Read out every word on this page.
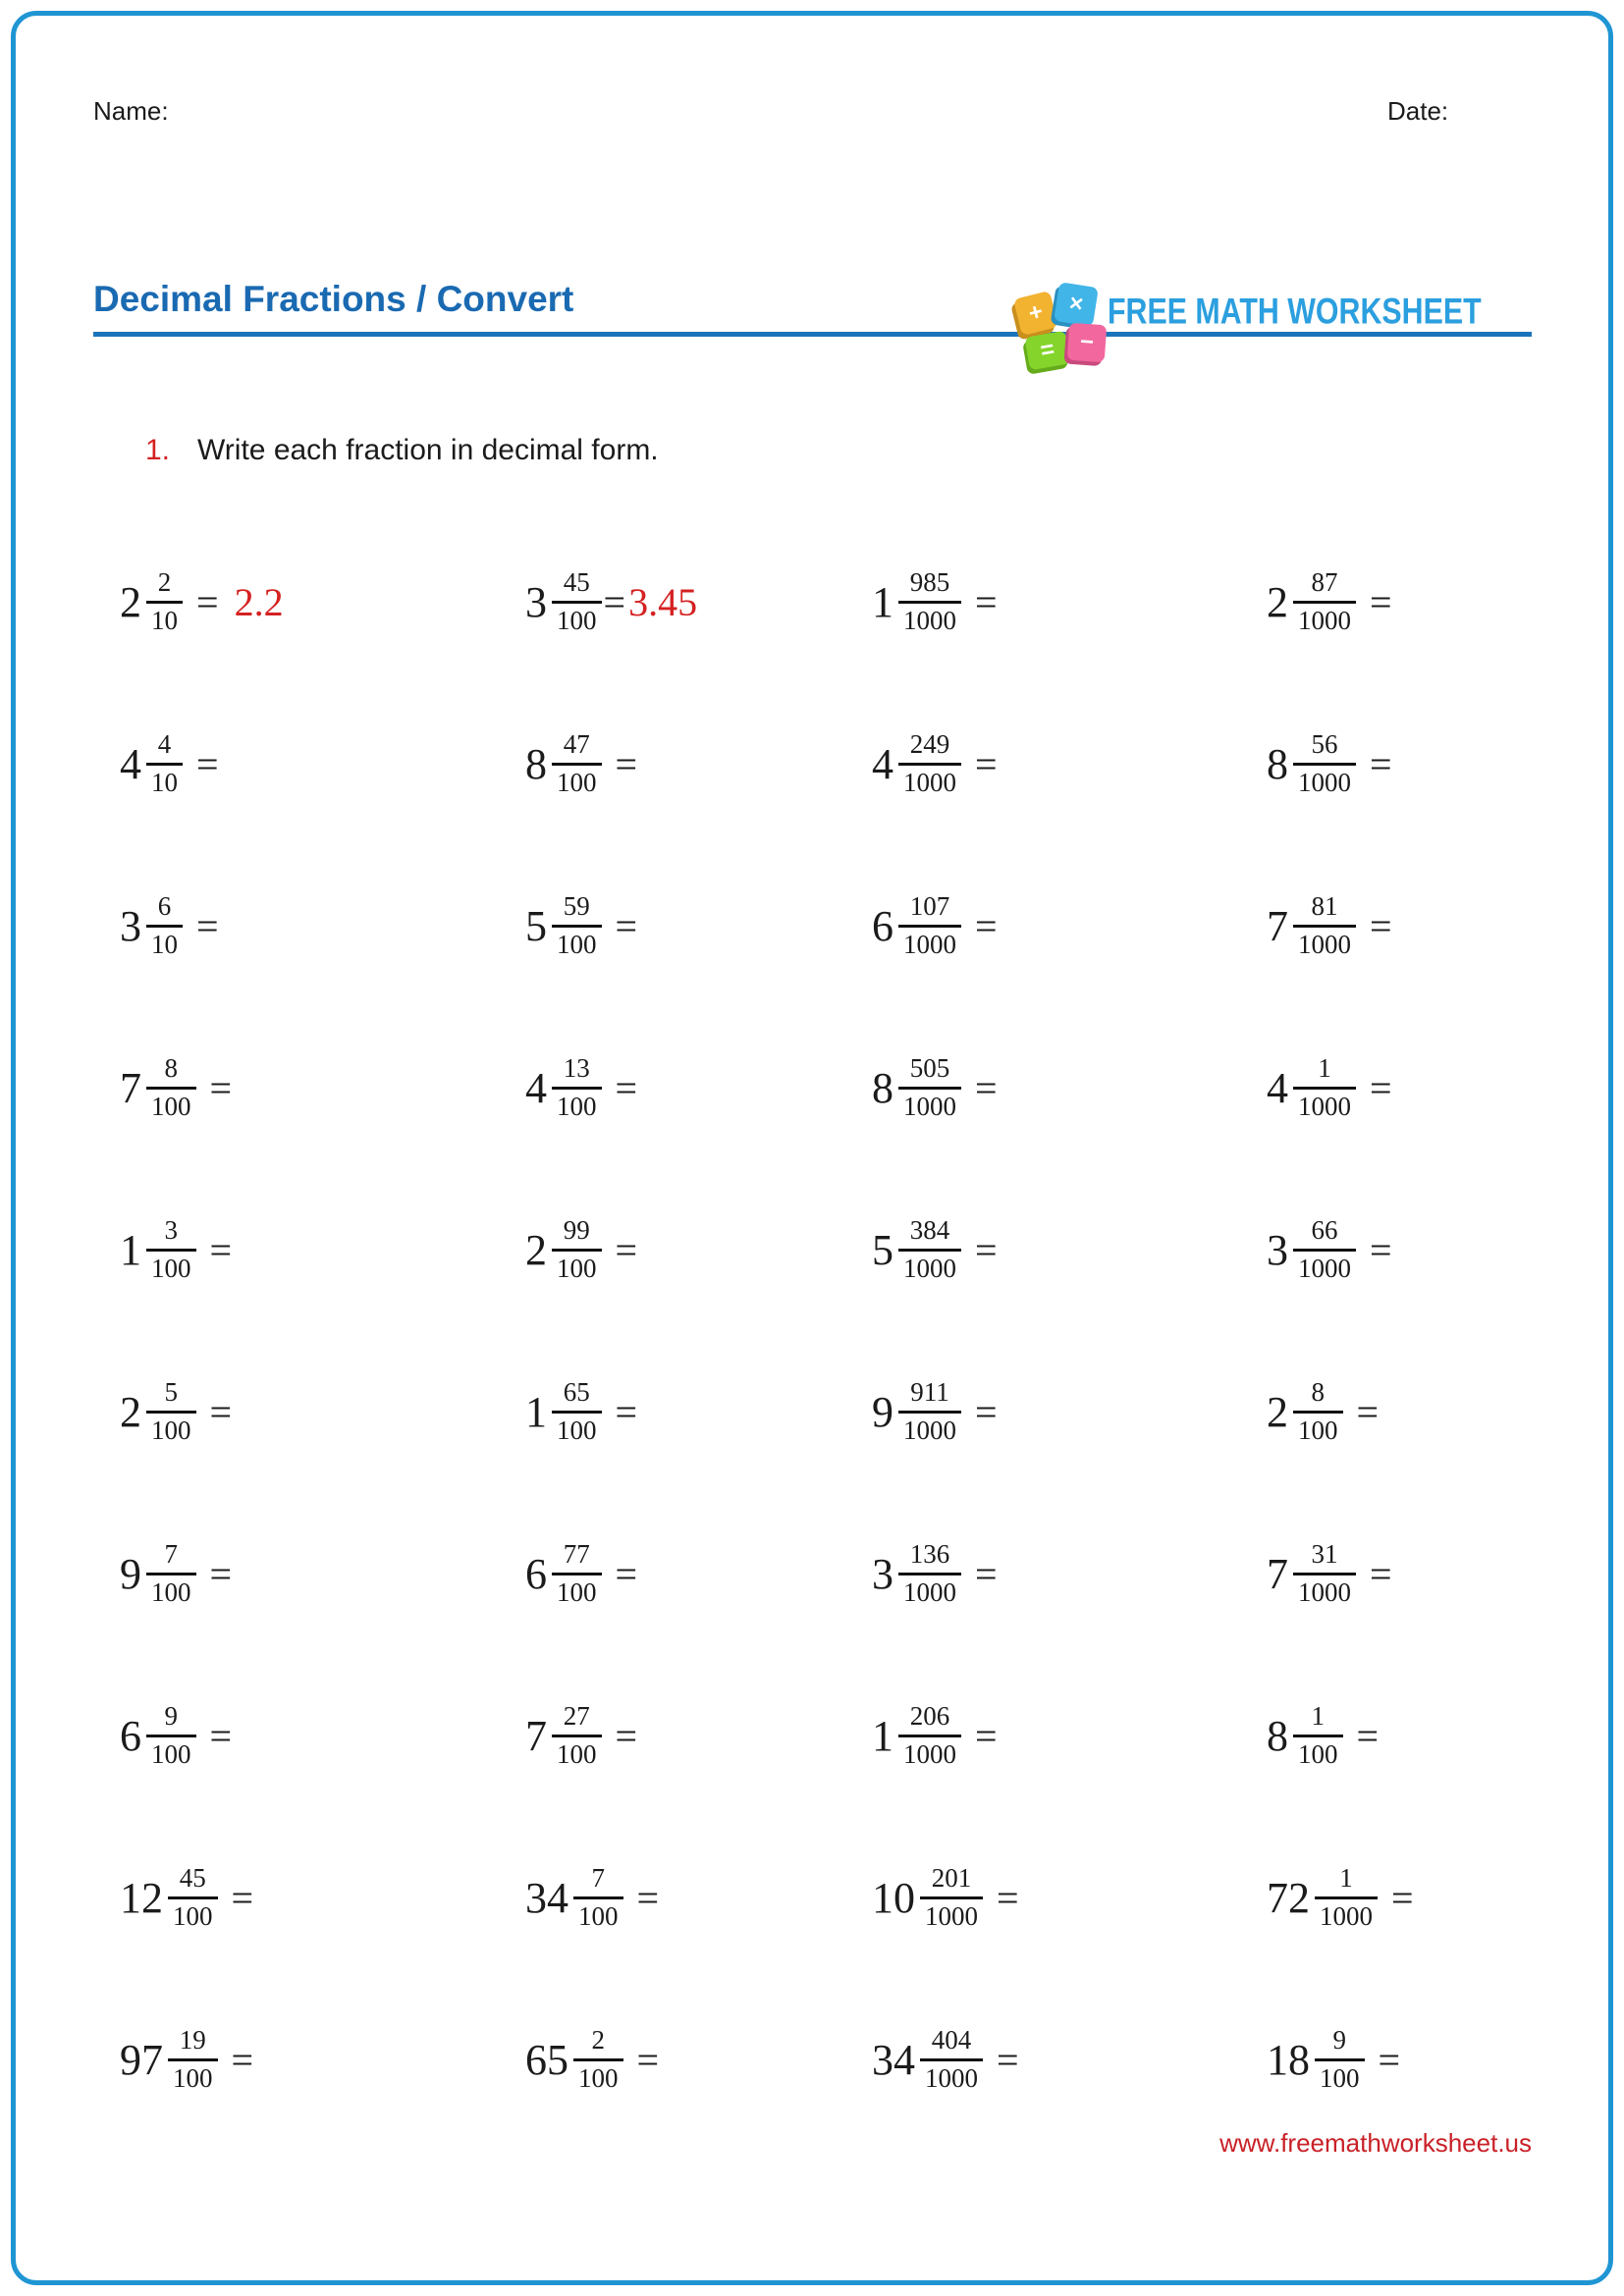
Name:	Date:
Decimal Fractions / Convert	+ ×
= −
FREE MATH WORKSHEET
1. Write each fraction in decimal form.
$2 \frac{2}{10} = 2.2$	$3 \frac{45}{100} = 3.45$	$1 \frac{985}{1000}$ =	$2 \frac{87}{1000}$ =
$4 \frac{4}{10}$ =	$8 \frac{47}{100}$ =	$4 \frac{249}{1000}$ =	$8 \frac{56}{1000}$ =
$3 \frac{6}{10}$ =	$5 \frac{59}{100}$ =	$6 \frac{107}{1000}$ =	$7 \frac{81}{1000}$ =
$7 \frac{8}{100}$ =	$4 \frac{13}{100}$ =	$8 \frac{505}{1000}$ =	$4 \frac{1}{1000}$ =
$1 \frac{3}{100}$ =	$2 \frac{99}{100}$ =	$5 \frac{384}{1000}$ =	$3 \frac{66}{1000}$ =
$2 \frac{5}{100}$ =	$1 \frac{65}{100}$ =	$9 \frac{911}{1000}$ =	$2 \frac{8}{100}$ =
$9 \frac{7}{100}$ =	$6 \frac{77}{100}$ =	$3 \frac{136}{1000}$ =	$7 \frac{31}{1000}$ =
$6 \frac{9}{100}$ =	$7 \frac{27}{100}$ =	$1 \frac{206}{1000}$ =	$8 \frac{1}{100}$ =
$12 \frac{45}{100}$ =	$34 \frac{7}{100}$ =	$10 \frac{201}{1000}$ =	$72 \frac{1}{1000}$ =
$97 \frac{19}{100}$ =	$65 \frac{2}{100}$ =	$34 \frac{404}{1000}$ =	$18 \frac{9}{100}$ =
www.freemathworksheet.us
